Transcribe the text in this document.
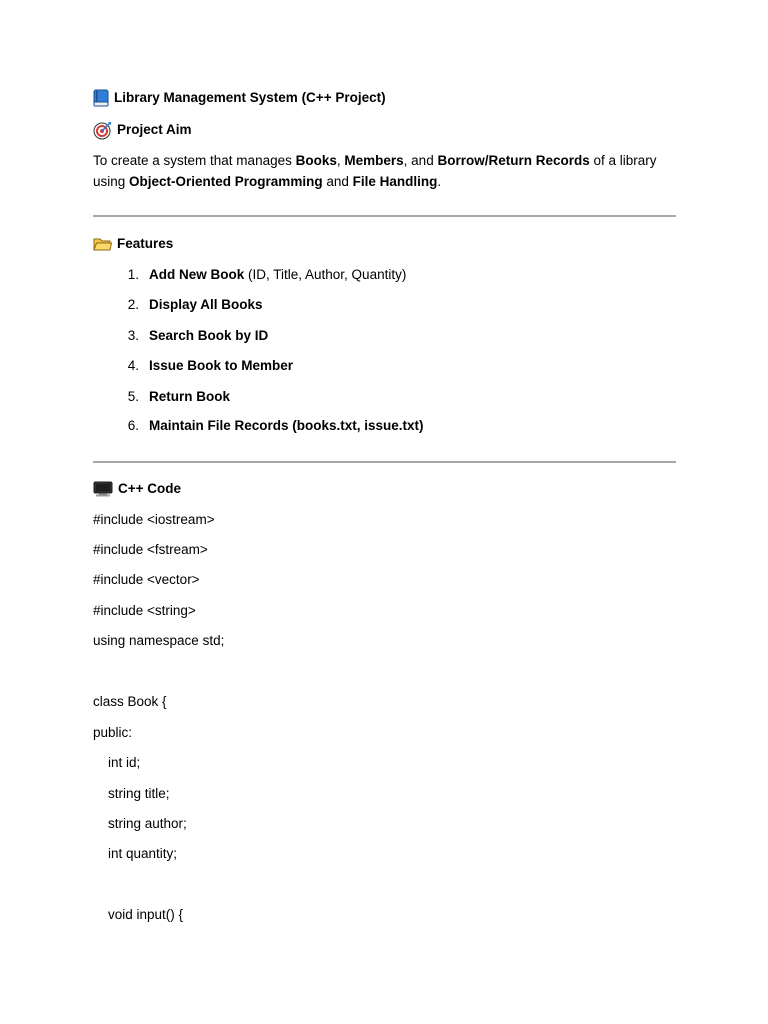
Library Management System (C++ Project)
Project Aim

To create a system that manages Books, Members, and Borrow/Return Records of a library using Object-Oriented Programming and File Handling.

Features
1. Add New Book (ID, Title, Author, Quantity)
2. Display All Books
3. Search Book by ID
4. Issue Book to Member
5. Return Book
6. Maintain File Records (books.txt, issue.txt)
C++ Code
#include <iostream>
#include <fstream>
#include <vector>
#include <string>
using namespace std;
class Book {
public:
int id;
string title;
string author;
int quantity;
void input() {
